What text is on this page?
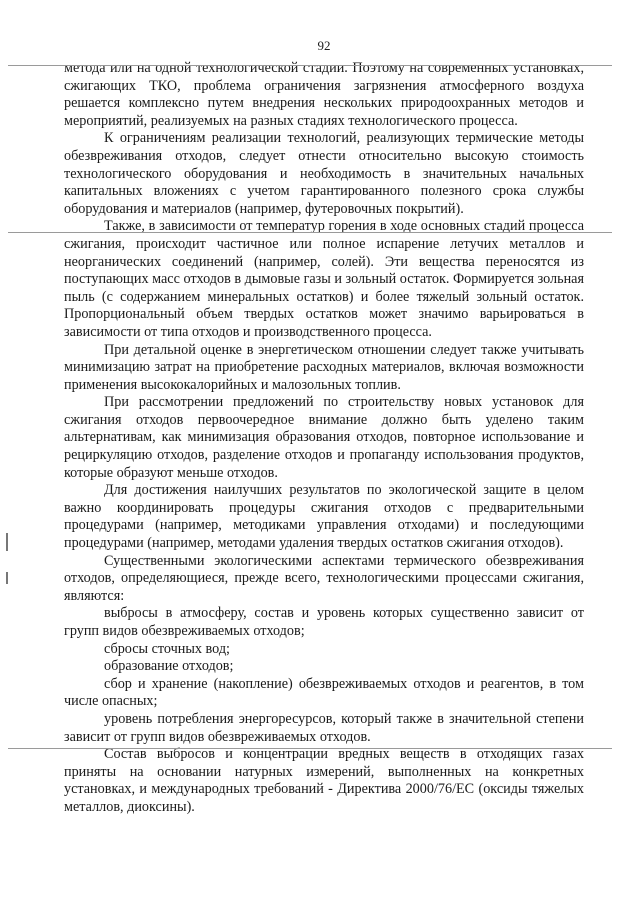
92

метода или на одной технологической стадии. Поэтому на современных установках, сжигающих ТКО, проблема ограничения загрязнения атмосферного воздуха решается комплексно путем внедрения нескольких природоохранных методов и мероприятий, реализуемых на разных стадиях технологического процесса.

К ограничениям реализации технологий, реализующих термические методы обезвреживания отходов, следует отнести относительно высокую стоимость технологического оборудования и необходимость в значительных начальных капитальных вложениях с учетом гарантированного полезного срока службы оборудования и материалов (например, футеровочных покрытий).

Также, в зависимости от температур горения в ходе основных стадий процесса сжигания, происходит частичное или полное испарение летучих металлов и неорганических соединений (например, солей). Эти вещества переносятся из поступающих масс отходов в дымовые газы и зольный остаток. Формируется зольная пыль (с содержанием минеральных остатков) и более тяжелый зольный остаток. Пропорциональный объем твердых остатков может значимо варьироваться в зависимости от типа отходов и производственного процесса.

При детальной оценке в энергетическом отношении следует также учитывать минимизацию затрат на приобретение расходных материалов, включая возможности применения высококалорийных и малозольных топлив.

При рассмотрении предложений по строительству новых установок для сжигания отходов первоочередное внимание должно быть уделено таким альтернативам, как минимизация образования отходов, повторное использование и рециркуляцию отходов, разделение отходов и пропаганду использования продуктов, которые образуют меньше отходов.

Для достижения наилучших результатов по экологической защите в целом важно координировать процедуры сжигания отходов с предварительными процедурами (например, методиками управления отходами) и последующими процедурами (например, методами удаления твердых остатков сжигания отходов).

Существенными экологическими аспектами термического обезвреживания отходов, определяющиеся, прежде всего, технологическими процессами сжигания, являются:

выбросы в атмосферу, состав и уровень которых существенно зависит от групп видов обезвреживаемых отходов;

сбросы сточных вод;

образование отходов;

сбор и хранение (накопление) обезвреживаемых отходов и реагентов, в том числе опасных;

уровень потребления энергоресурсов, который также в значительной степени зависит от групп видов обезвреживаемых отходов.

Состав выбросов и концентрации вредных веществ в отходящих газах приняты на основании натурных измерений, выполненных на конкретных установках, и международных требований - Директива 2000/76/ЕС (оксиды тяжелых металлов, диоксины).
